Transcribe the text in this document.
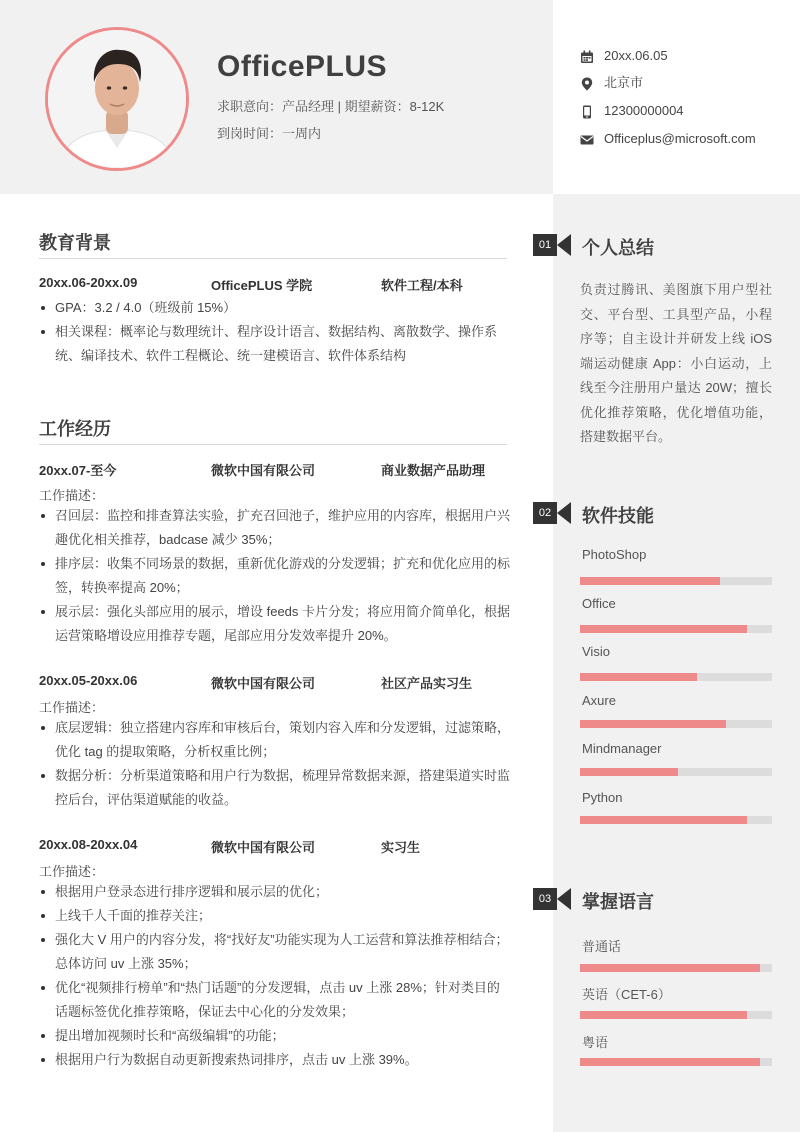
OfficePLUS
求职意向：产品经理 | 期望薪资：8-12K
到岗时间：一周内
20xx.06.05
北京市
12300000004
Officeplus@microsoft.com
教育背景
20xx.06-20xx.09	OfficePLUS 学院	软件工程/本科
GPA：3.2 / 4.0（班级前 15%）
相关课程：概率论与数理统计、程序设计语言、数据结构、离散数学、操作系统、编译技术、软件工程概论、统一建模语言、软件体系结构
工作经历
20xx.07-至今	微软中国有限公司	商业数据产品助理
工作描述：
召回层：监控和排查算法实验，扩充召回池子，维护应用的内容库，根据用户兴趣优化相关推荐，badcase 减少 35%；
排序层：收集不同场景的数据，重新优化游戏的分发逻辑；扩充和优化应用的标签，转换率提高 20%；
展示层：强化头部应用的展示，增设 feeds 卡片分发；将应用简介简单化，根据运营策略增设应用推荐专题，尾部应用分发效率提升 20%。
20xx.05-20xx.06	微软中国有限公司	社区产品实习生
工作描述：
底层逻辑：独立搭建内容库和审核后台，策划内容入库和分发逻辑，过滤策略，优化 tag 的提取策略，分析权重比例；
数据分析：分析渠道策略和用户行为数据，梳理异常数据来源，搭建渠道实时监控后台，评估渠道赋能的收益。
20xx.08-20xx.04	微软中国有限公司	实习生
工作描述：
根据用户登录态进行排序逻辑和展示层的优化；
上线千人千面的推荐关注；
强化大 V 用户的内容分发，将“找好友”功能实现为人工运营和算法推荐相结合；总体访问 uv 上涨 35%；
优化“视频排行榜单”和“热门话题”的分发逻辑，点击 uv 上涨 28%；针对类目的话题标签优化推荐策略，保证去中心化的分发效果；
提出增加视频时长和“高级编辑”的功能；
根据用户行为数据自动更新搜索热词排序，点击 uv 上涨 39%。
01	个人总结
负责过腾讯、美图旗下用户型社交、平台型、工具型产品，小程序等；自主设计并研发上线 iOS 端运动健康 App：小白运动，上线至今注册用户量达 20W；擅长优化推荐策略，优化增值功能，搭建数据平台。
02	软件技能
PhotoShop
Office
Visio
Axure
Mindmanager
Python
03	掌握语言
普通话
英语（CET-6）
粤语
